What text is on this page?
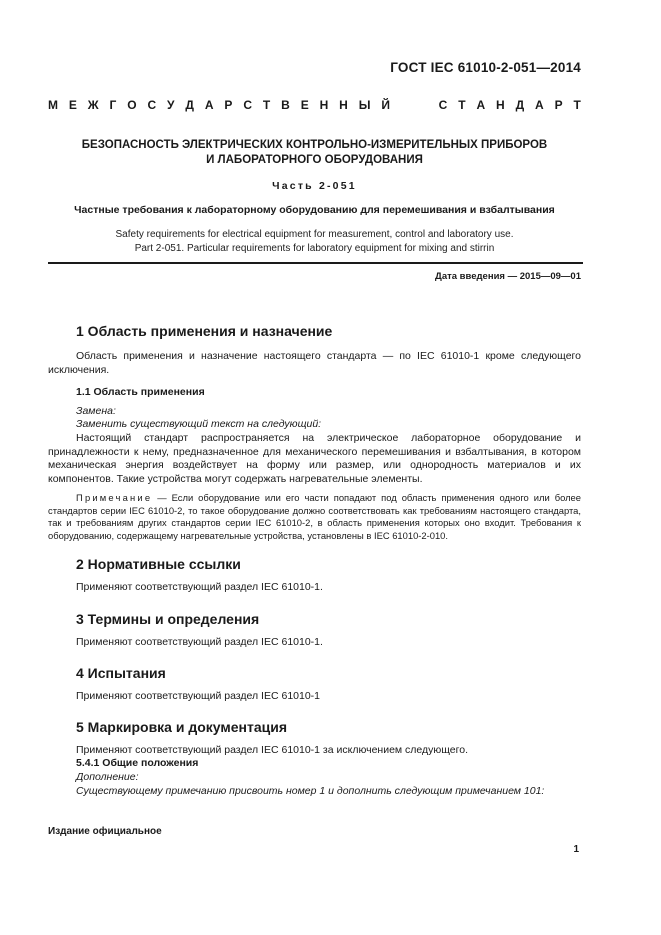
ГОСТ IEC 61010-2-051—2014
М Е Ж Г О С У Д А Р С Т В Е Н Н Ы Й	С Т А Н Д А Р Т
БЕЗОПАСНОСТЬ ЭЛЕКТРИЧЕСКИХ КОНТРОЛЬНО-ИЗМЕРИТЕЛЬНЫХ ПРИБОРОВ
И ЛАБОРАТОРНОГО ОБОРУДОВАНИЯ
Часть 2-051
Частные требования к лабораторному оборудованию для перемешивания и взбалтывания
Safety requirements for electrical equipment for measurement, control and laboratory use.
Part 2-051. Particular requirements for laboratory equipment for mixing and stirrin
Дата введения — 2015—09—01
1 Область применения и назначение
Область применения и назначение настоящего стандарта — по IEC 61010-1 кроме следующего исключения.
1.1 Область применения
Замена:
Заменить существующий текст на следующий:
Настоящий стандарт распространяется на электрическое лабораторное оборудование и принадлежности к нему, предназначенное для механического перемешивания и взбалтывания, в котором механическая энергия воздействует на форму или размер, или однородность материалов и их компонентов. Такие устройства могут содержать нагревательные элементы.
Примечание — Если оборудование или его части попадают под область применения одного или более стандартов серии IEC 61010-2, то такое оборудование должно соответствовать как требованиям настоящего стандарта, так и требованиям других стандартов серии IEC 61010-2, в область применения которых оно входит. Требования к оборудованию, содержащему нагревательные устройства, установлены в IEC 61010-2-010.
2 Нормативные ссылки
Применяют соответствующий раздел IEC 61010-1.
3 Термины и определения
Применяют соответствующий раздел IEC 61010-1.
4 Испытания
Применяют соответствующий раздел IEC 61010-1
5 Маркировка и документация
Применяют соответствующий раздел IEC 61010-1 за исключением следующего.
5.4.1 Общие положения
Дополнение:
Существующему примечанию присвоить номер 1 и дополнить следующим примечанием 101:
Издание официальное
1
